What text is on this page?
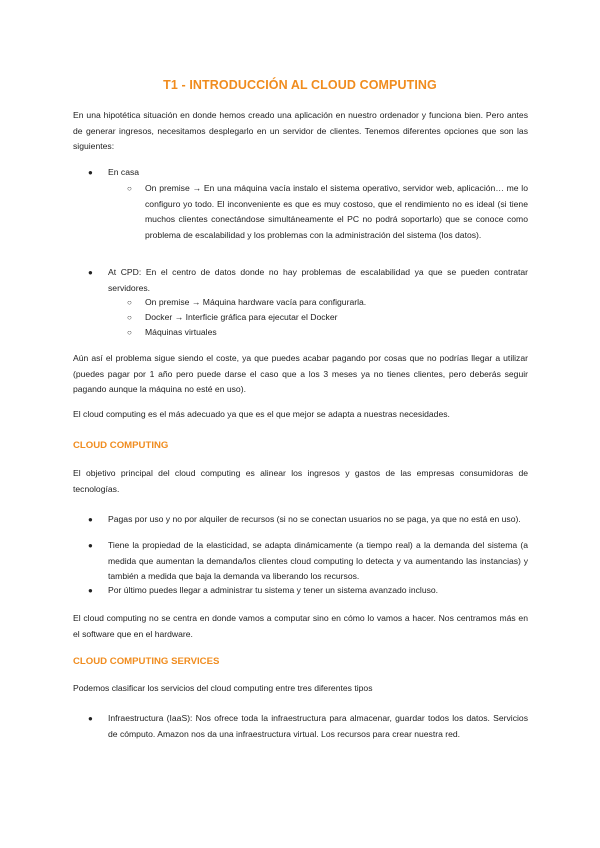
T1 - INTRODUCCIÓN AL CLOUD COMPUTING
En una hipotética situación en donde hemos creado una aplicación en nuestro ordenador y funciona bien. Pero antes de generar ingresos, necesitamos desplegarlo en un servidor de clientes. Tenemos diferentes opciones que son las siguientes:
● En casa
○ On premise → En una máquina vacía instalo el sistema operativo, servidor web, aplicación… me lo configuro yo todo. El inconveniente es que es muy costoso, que el rendimiento no es ideal (si tiene muchos clientes conectándose simultáneamente el PC no podrá soportarlo) que se conoce como problema de escalabilidad y los problemas con la administración del sistema (los datos).
● At CPD: En el centro de datos donde no hay problemas de escalabilidad ya que se pueden contratar servidores.
○ On premise → Máquina hardware vacía para configurarla.
○ Docker → Interficie gráfica para ejecutar el Docker
○ Máquinas virtuales
Aún así el problema sigue siendo el coste, ya que puedes acabar pagando por cosas que no podrías llegar a utilizar (puedes pagar por 1 año pero puede darse el caso que a los 3 meses ya no tienes clientes, pero deberás seguir pagando aunque la máquina no esté en uso).
El cloud computing es el más adecuado ya que es el que mejor se adapta a nuestras necesidades.
CLOUD COMPUTING
El objetivo principal del cloud computing es alinear los ingresos y gastos de las empresas consumidoras de tecnologías.
● Pagas por uso y no por alquiler de recursos (si no se conectan usuarios no se paga, ya que no está en uso).
● Tiene la propiedad de la elasticidad, se adapta dinámicamente (a tiempo real) a la demanda del sistema (a medida que aumentan la demanda/los clientes cloud computing lo detecta y va aumentando las instancias) y también a medida que baja la demanda va liberando los recursos.
● Por último puedes llegar a administrar tu sistema y tener un sistema avanzado incluso.
El cloud computing no se centra en donde vamos a computar sino en cómo lo vamos a hacer. Nos centramos más en el software que en el hardware.
CLOUD COMPUTING SERVICES
Podemos clasificar los servicios del cloud computing entre tres diferentes tipos
● Infraestructura (IaaS): Nos ofrece toda la infraestructura para almacenar, guardar todos los datos. Servicios de cómputo. Amazon nos da una infraestructura virtual. Los recursos para crear nuestra red.
